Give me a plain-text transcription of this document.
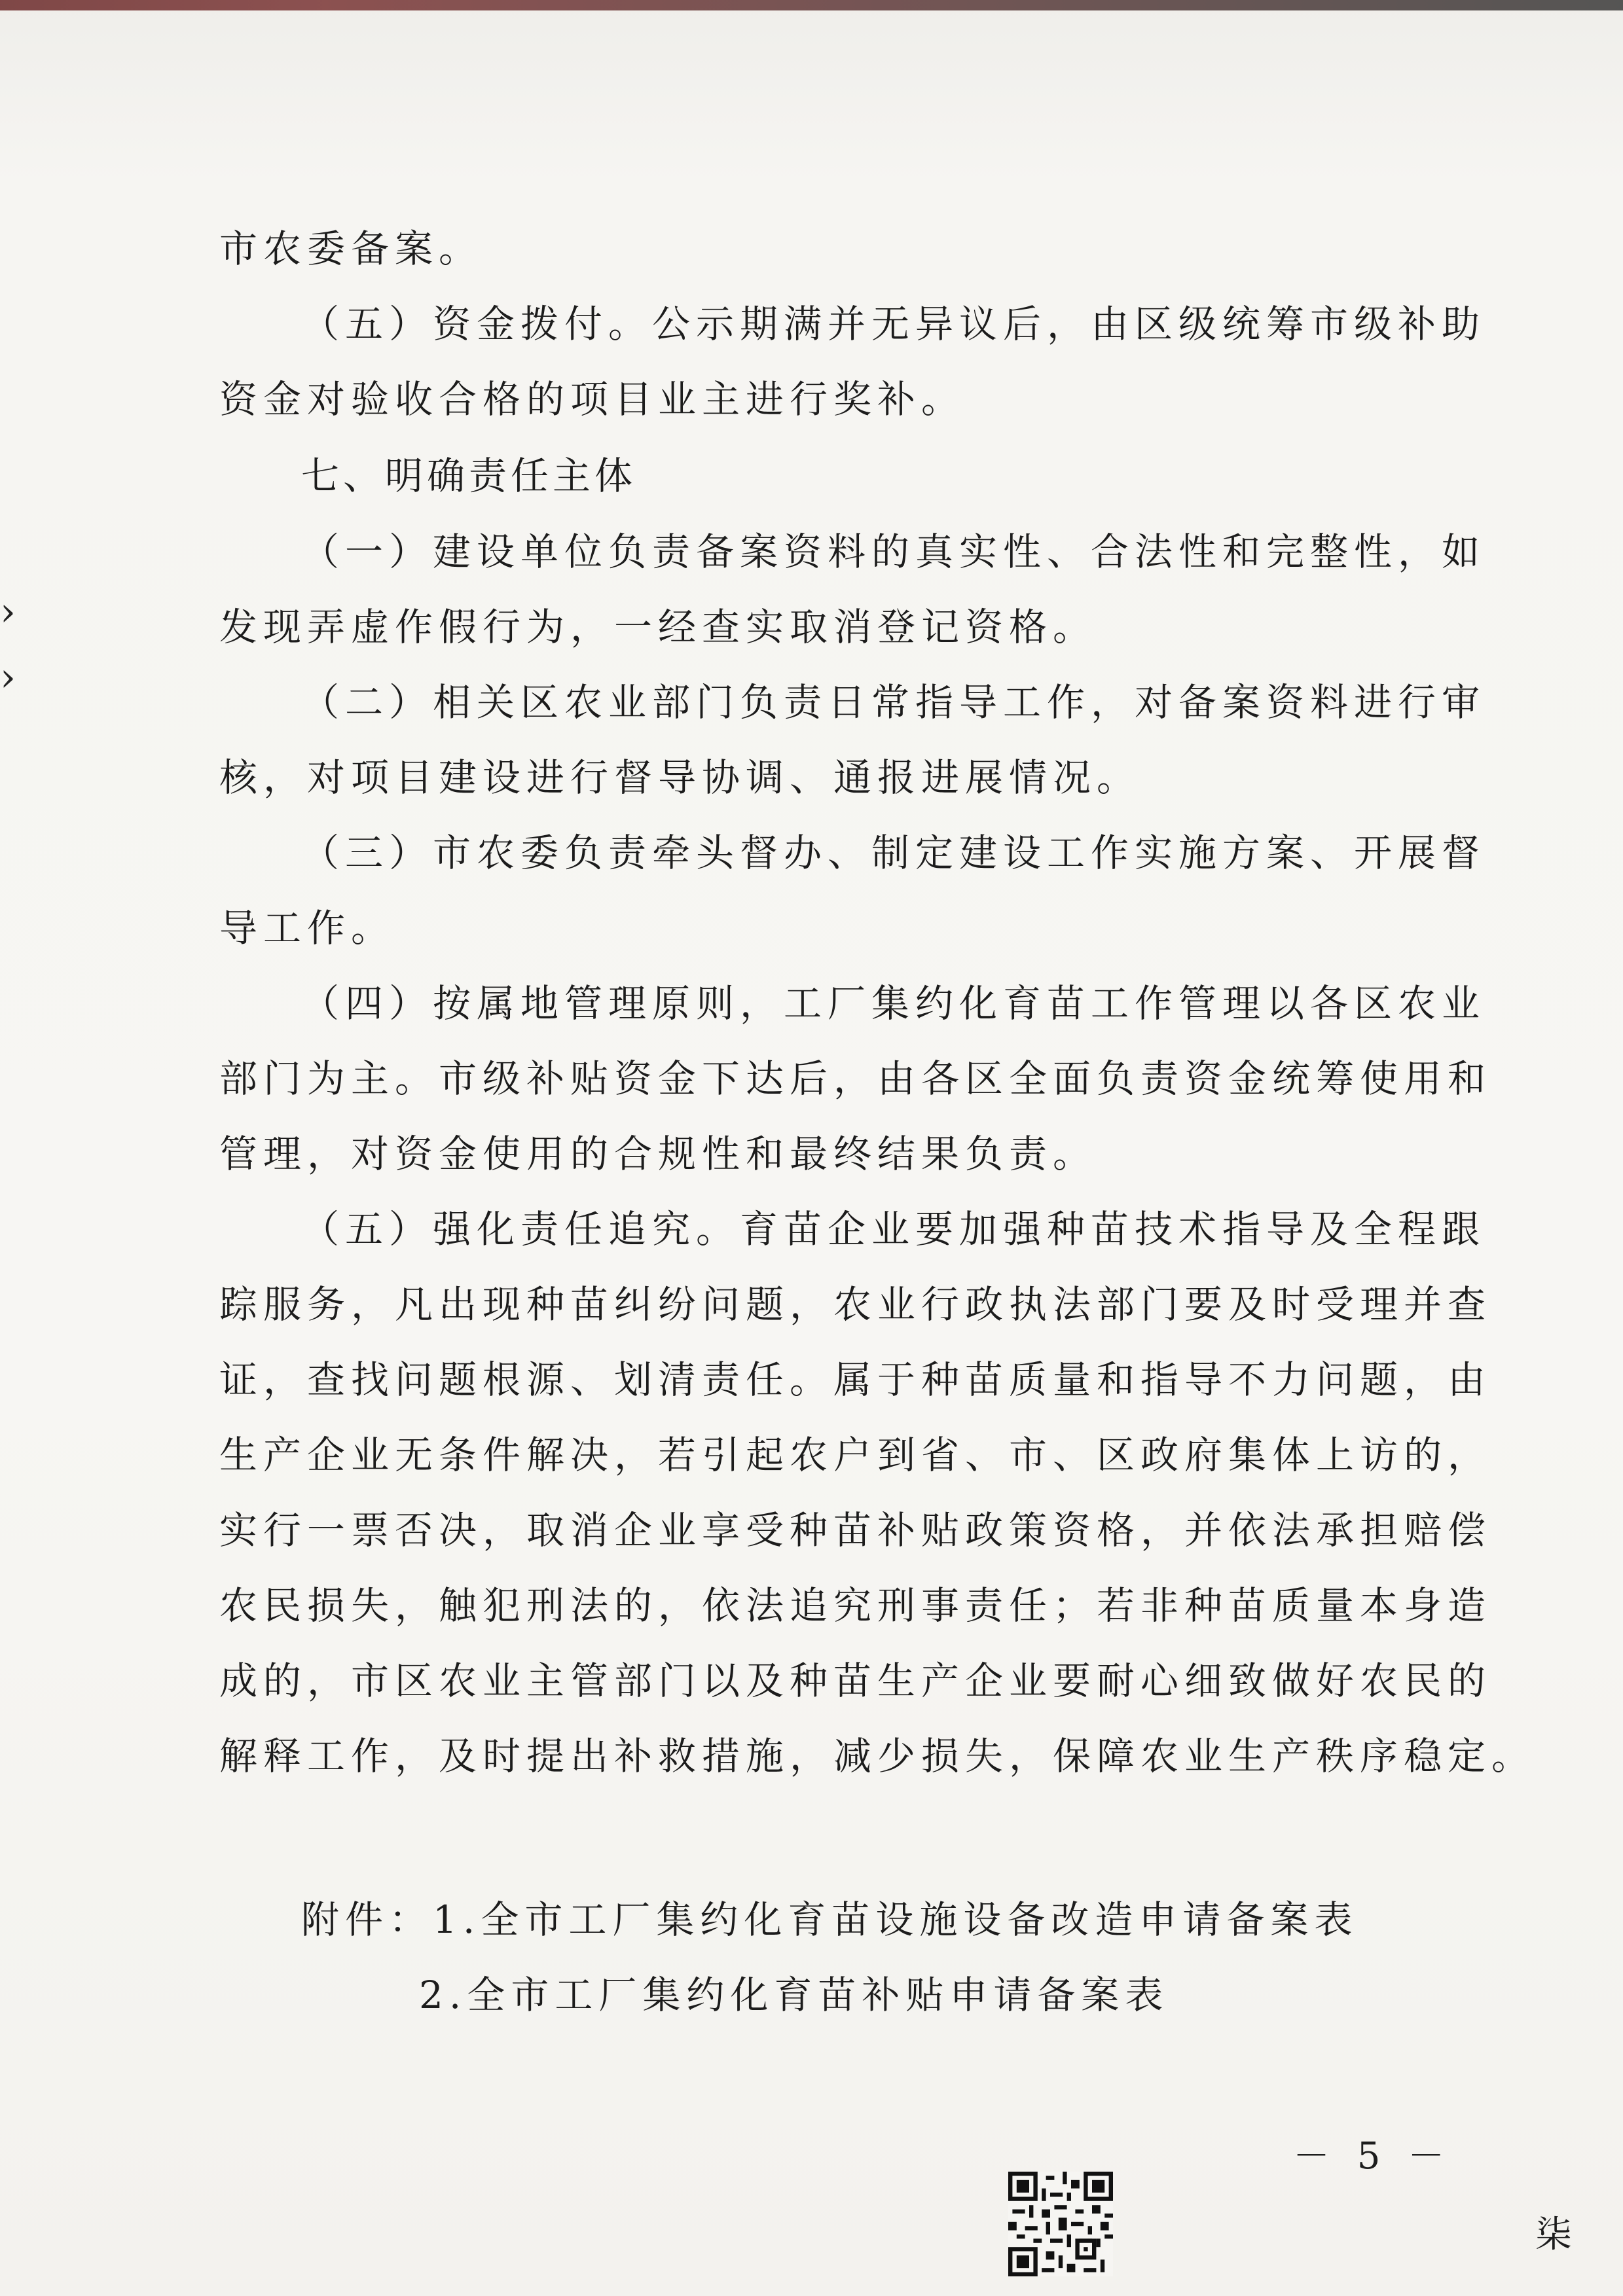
›
›
市农委备案。
（五）资金拨付。公示期满并无异议后，由区级统筹市级补助
资金对验收合格的项目业主进行奖补。
七、明确责任主体
（一）建设单位负责备案资料的真实性、合法性和完整性，如
发现弄虚作假行为，一经查实取消登记资格。
（二）相关区农业部门负责日常指导工作，对备案资料进行审
核，对项目建设进行督导协调、通报进展情况。
（三）市农委负责牵头督办、制定建设工作实施方案、开展督
导工作。
（四）按属地管理原则，工厂集约化育苗工作管理以各区农业
部门为主。市级补贴资金下达后，由各区全面负责资金统筹使用和
管理，对资金使用的合规性和最终结果负责。
（五）强化责任追究。育苗企业要加强种苗技术指导及全程跟
踪服务，凡出现种苗纠纷问题，农业行政执法部门要及时受理并查
证，查找问题根源、划清责任。属于种苗质量和指导不力问题，由
生产企业无条件解决，若引起农户到省、市、区政府集体上访的，
实行一票否决，取消企业享受种苗补贴政策资格，并依法承担赔偿
农民损失，触犯刑法的，依法追究刑事责任；若非种苗质量本身造
成的，市区农业主管部门以及种苗生产企业要耐心细致做好农民的
解释工作，及时提出补救措施，减少损失，保障农业生产秩序稳定。
附件：1.全市工厂集约化育苗设施设备改造申请备案表
2.全市工厂集约化育苗补贴申请备案表
－ 5 －
柒
